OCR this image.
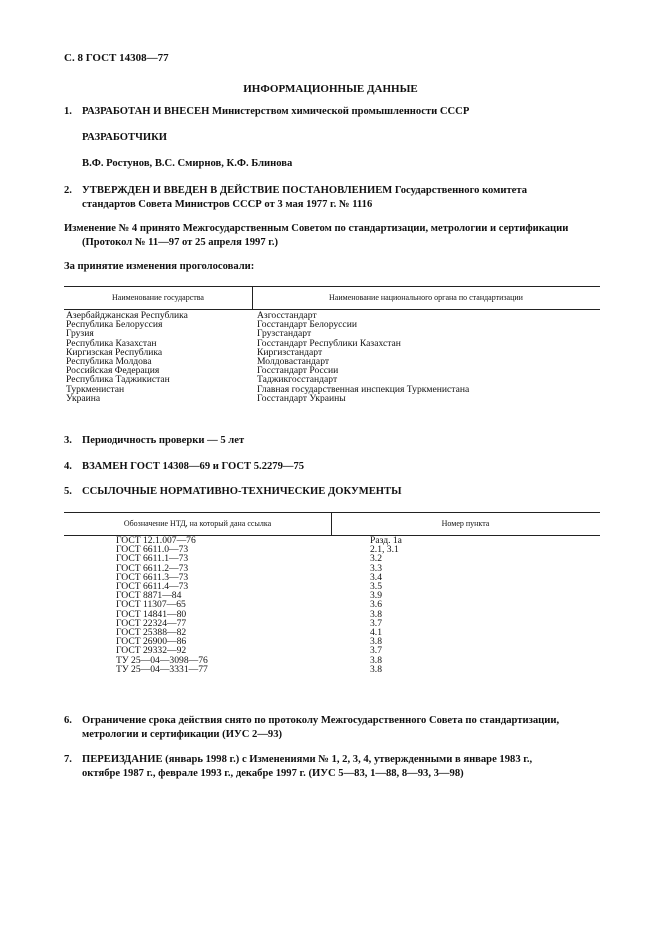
С. 8 ГОСТ 14308—77
ИНФОРМАЦИОННЫЕ ДАННЫЕ
1. РАЗРАБОТАН И ВНЕСЕН Министерством химической промышленности СССР
РАЗРАБОТЧИКИ
В.Ф. Ростунов, В.С. Смирнов, К.Ф. Блинова
2. УТВЕРЖДЕН И ВВЕДЕН В ДЕЙСТВИЕ ПОСТАНОВЛЕНИЕМ Государственного комитета
стандартов Совета Министров СССР от 3 мая 1977 г. № 1116
Изменение № 4 принято Межгосударственным Советом по стандартизации, метрологии и сертификации
(Протокол № 11—97 от 25 апреля 1997 г.)
За принятие изменения проголосовали:
Наименование государства	Наименование национального органа по стандартизации
Азербайджанская Республика
Республика Белоруссия
Грузия
Республика Казахстан
Киргизская Республика
Республика Молдова
Российская Федерация
Республика Таджикистан
Туркменистан
Украина
Азгосстандарт
Госстандарт Белоруссии
Грузстандарт
Госстандарт Республики Казахстан
Киргизстандарт
Молдовастандарт
Госстандарт России
Таджикгосстандарт
Главная государственная инспекция Туркменистана
Госстандарт Украины
3. Периодичность проверки — 5 лет
4. ВЗАМЕН ГОСТ 14308—69 и ГОСТ 5.2279—75
5. ССЫЛОЧНЫЕ НОРМАТИВНО-ТЕХНИЧЕСКИЕ ДОКУМЕНТЫ
Обозначение НТД, на который дана ссылка	Номер пункта
ГОСТ 12.1.007—76
ГОСТ 6611.0—73
ГОСТ 6611.1—73
ГОСТ 6611.2—73
ГОСТ 6611.3—73
ГОСТ 6611.4—73
ГОСТ 8871—84
ГОСТ 11307—65
ГОСТ 14841—80
ГОСТ 22324—77
ГОСТ 25388—82
ГОСТ 26900—86
ГОСТ 29332—92
ТУ 25—04—3098—76
ТУ 25—04—3331—77
Разд. 1а
2.1, 3.1
3.2
3.3
3.4
3.5
3.9
3.6
3.8
3.7
4.1
3.8
3.7
3.8
3.8
6. Ограничение срока действия снято по протоколу Межгосударственного Совета по стандартизации,
метрологии и сертификации (ИУС 2—93)
7. ПЕРЕИЗДАНИЕ (январь 1998 г.) с Изменениями № 1, 2, 3, 4, утвержденными в январе 1983 г.,
октябре 1987 г., феврале 1993 г., декабре 1997 г. (ИУС 5—83, 1—88, 8—93, 3—98)
